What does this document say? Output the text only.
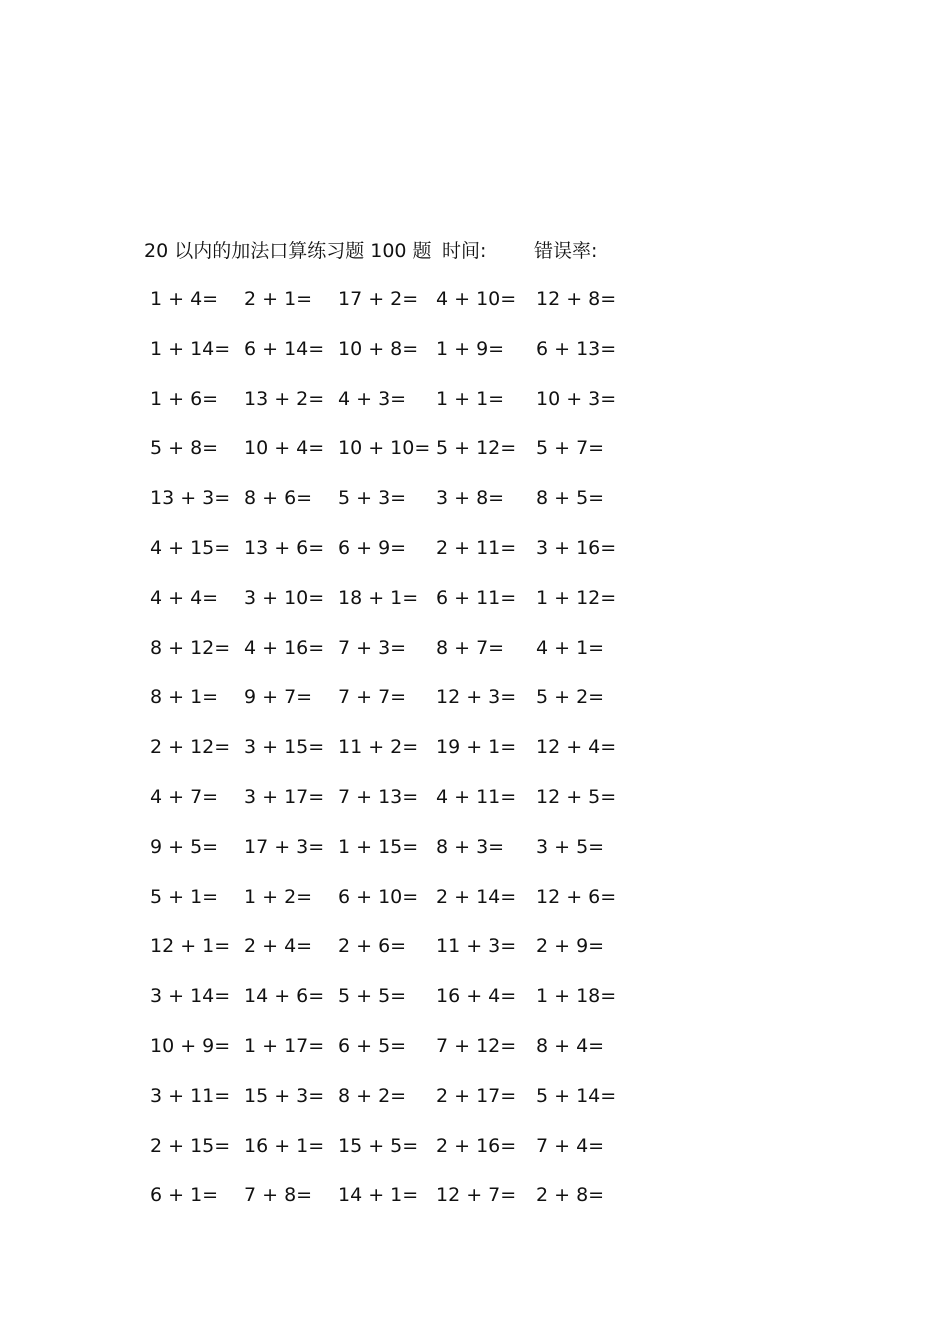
20 以内的加法口算练习题 100 题 时间:	错误率:
1 + 4= 2 + 1= 17 + 2= 4 + 10= 12 + 8=
1 + 14= 6 + 14= 10 + 8= 1 + 9= 6 + 13=
1 + 6= 13 + 2= 4 + 3= 1 + 1= 10 + 3=
5 + 8= 10 + 4= 10 + 10= 5 + 12= 5 + 7=
13 + 3= 8 + 6= 5 + 3= 3 + 8= 8 + 5=
4 + 15= 13 + 6= 6 + 9= 2 + 11= 3 + 16=
4 + 4= 3 + 10= 18 + 1= 6 + 11= 1 + 12=
8 + 12= 4 + 16= 7 + 3= 8 + 7= 4 + 1=
8 + 1= 9 + 7= 7 + 7= 12 + 3= 5 + 2=
2 + 12= 3 + 15= 11 + 2= 19 + 1= 12 + 4=
4 + 7= 3 + 17= 7 + 13= 4 + 11= 12 + 5=
9 + 5= 17 + 3= 1 + 15= 8 + 3= 3 + 5=
5 + 1= 1 + 2= 6 + 10= 2 + 14= 12 + 6=
12 + 1= 2 + 4= 2 + 6= 11 + 3= 2 + 9=
3 + 14= 14 + 6= 5 + 5= 16 + 4= 1 + 18=
10 + 9= 1 + 17= 6 + 5= 7 + 12= 8 + 4=
3 + 11= 15 + 3= 8 + 2= 2 + 17= 5 + 14=
2 + 15= 16 + 1= 15 + 5= 2 + 16= 7 + 4=
6 + 1= 7 + 8= 14 + 1= 12 + 7= 2 + 8=
